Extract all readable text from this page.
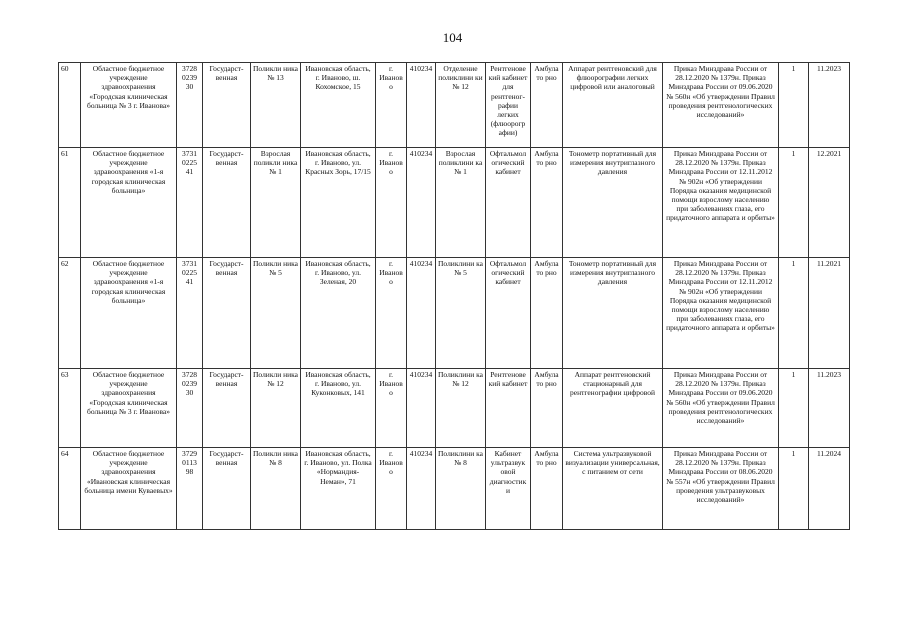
104
60	Областное бюджетное учреждение здравоохранения «Городская клиническая больница № 3 г. Иванова»	3728 0239 30	Государст- венная	Поликли ника № 13	Ивановская область, г. Иваново, ш. Кохомское, 15	г. Иваново	410234	Отделение поликлини ки № 12	Рентгенове кий кабинет для рентгеног- рафии легких (флюорогр афии)	Амбулато рно	Аппарат рентгеновский для флюорографии легких цифровой или аналоговый	Приказ Минздрава России от 28.12.2020 № 1379н. Приказ Минздрава России от 09.06.2020 № 560н «Об утверждении Правил проведения рентгенологических исследований»	1	11.2023
61	Областное бюджетное учреждение здравоохранения «1-я городская клиническая больница»	3731 0225 41	Государст- венная	Взрослая поликли ника № 1	Ивановская область, г. Иваново, ул. Красных Зорь, 17/15	г. Иваново	410234	Взрослая поликлини ка № 1	Офтальмол огический кабинет	Амбулато рно	Тонометр портативный для измерения внутриглазного давления	Приказ Минздрава России от 28.12.2020 № 1379н. Приказ Минздрава России от 12.11.2012 № 902н «Об утверждении Порядка оказания медицинской помощи взрослому населению при заболеваниях глаза, его придаточного аппарата и орбиты»	1	12.2021
62	Областное бюджетное учреждение здравоохранения «1-я городская клиническая больница»	3731 0225 41	Государст- венная	Поликли ника № 5	Ивановская область, г. Иваново, ул. Зеленая, 20	г. Иваново	410234	Поликлини ка № 5	Офтальмол огический кабинет	Амбулато рно	Тонометр портативный для измерения внутриглазного давления	Приказ Минздрава России от 28.12.2020 № 1379н. Приказ Минздрава России от 12.11.2012 № 902н «Об утверждении Порядка оказания медицинской помощи взрослому населению при заболеваниях глаза, его придаточного аппарата и орбиты»	1	11.2021
63	Областное бюджетное учреждение здравоохранения «Городская клиническая больница № 3 г. Иванова»	3728 0239 30	Государст- венная	Поликли ника № 12	Ивановская область, г. Иваново, ул. Куконковых, 141	г. Иваново	410234	Поликлини ка № 12	Рентгенове кий кабинет	Амбулато рно	Аппарат рентгеновский стационарный для рентгенографии цифровой	Приказ Минздрава России от 28.12.2020 № 1379н. Приказ Минздрава России от 09.06.2020 № 560н «Об утверждении Правил проведения рентгенологических исследований»	1	11.2023
64	Областное бюджетное учреждение здравоохранения «Ивановская клиническая больница имени Куваевых»	3729 0113 98	Государст- венная	Поликли ника № 8	Ивановская область, г. Иваново, ул. Полка «Нормандия- Неман», 71	г. Иваново	410234	Поликлини ка № 8	Кабинет ультразвук овой диагностик и	Амбулато рно	Система ультразвуковой визуализации универсальная, с питанием от сети	Приказ Минздрава России от 28.12.2020 № 1379н. Приказ Минздрава России от 08.06.2020 № 557н «Об утверждении Правил проведения ультразвуковых исследований»	1	11.2024
